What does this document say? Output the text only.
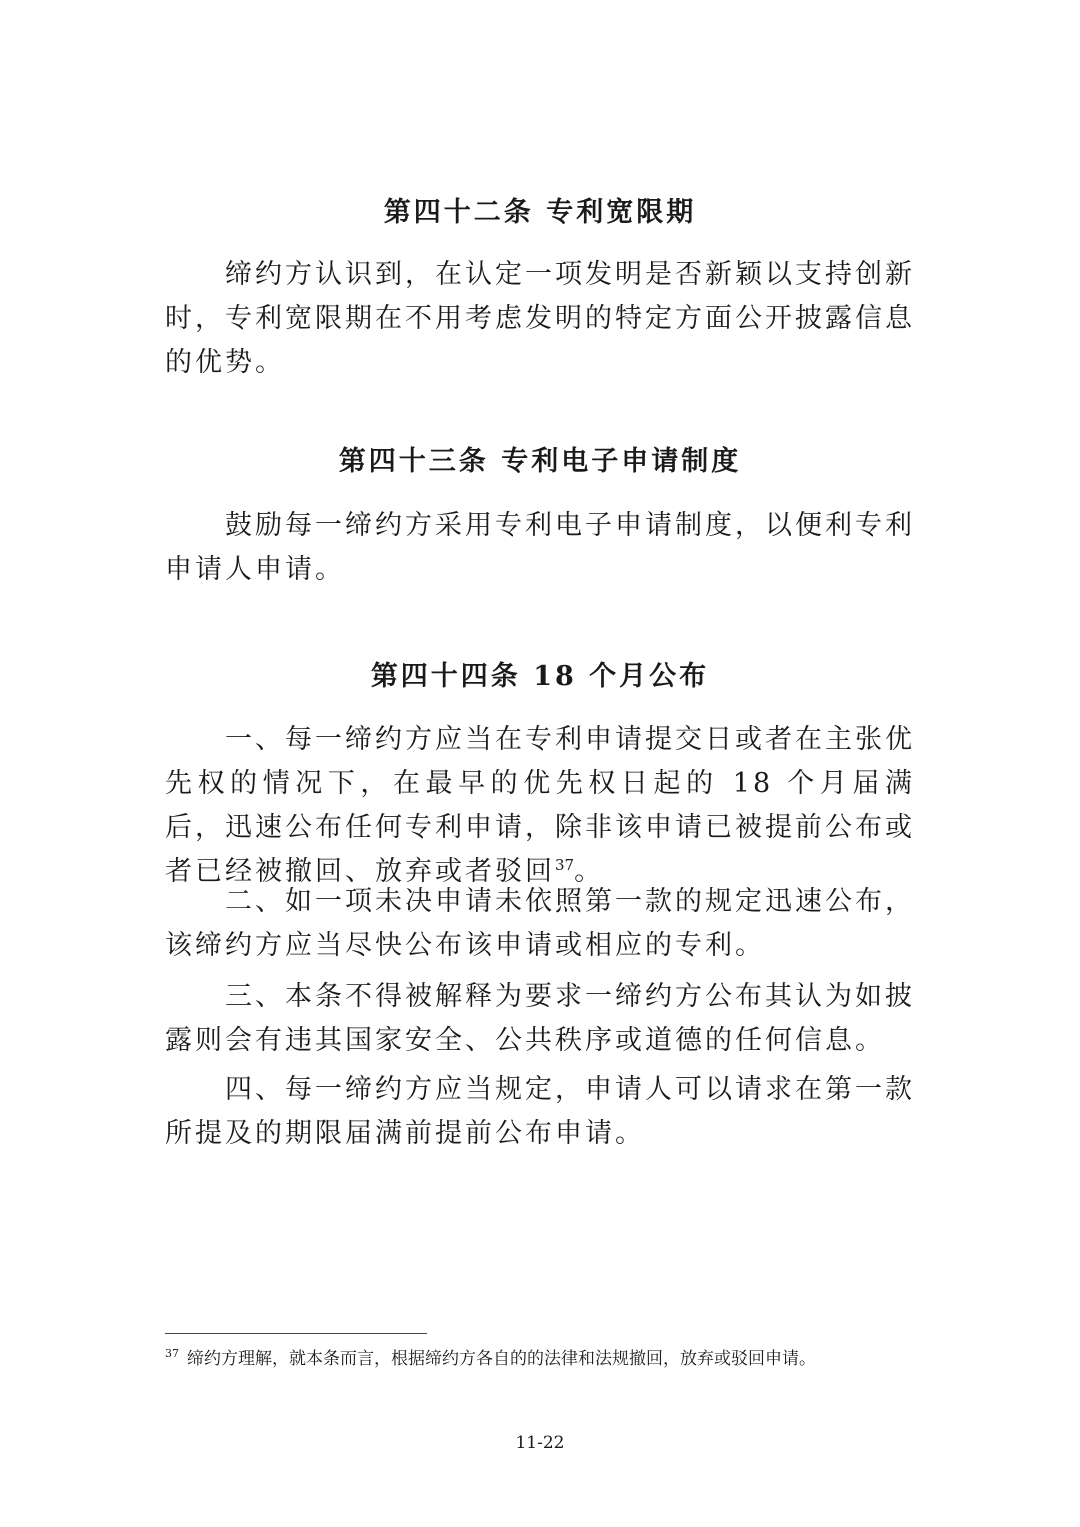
第四十二条 专利宽限期

缔约方认识到，在认定一项发明是否新颖以支持创新时，专利宽限期在不用考虑发明的特定方面公开披露信息的优势。

第四十三条 专利电子申请制度

鼓励每一缔约方采用专利电子申请制度，以便利专利申请人申请。

第四十四条 18 个月公布

一、每一缔约方应当在专利申请提交日或者在主张优先权的情况下，在最早的优先权日起的 18 个月届满后，迅速公布任何专利申请，除非该申请已被提前公布或者已经被撤回、放弃或者驳回$^{37}$。

二、如一项未决申请未依照第一款的规定迅速公布，该缔约方应当尽快公布该申请或相应的专利。

三、本条不得被解释为要求一缔约方公布其认为如披露则会有违其国家安全、公共秩序或道德的任何信息。

四、每一缔约方应当规定，申请人可以请求在第一款所提及的期限届满前提前公布申请。

$^{37}$ 缔约方理解，就本条而言，根据缔约方各自的的法律和法规撤回，放弃或驳回申请。

11-22
